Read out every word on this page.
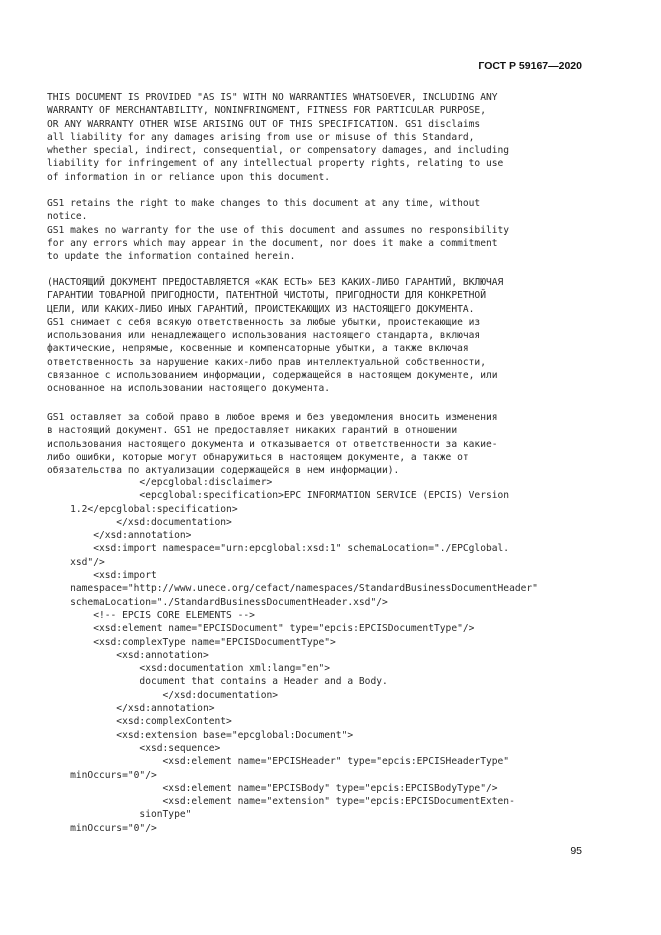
ГОСТ Р 59167—2020
THIS DOCUMENT IS PROVIDED "AS IS" WITH NO WARRANTIES WHATSOEVER, INCLUDING ANY
WARRANTY OF MERCHANTABILITY, NONINFRINGMENT, FITNESS FOR PARTICULAR PURPOSE,
OR ANY WARRANTY OTHER WISE ARISING OUT OF THIS SPECIFICATION. GS1 disclaims
all liability for any damages arising from use or misuse of this Standard,
whether special, indirect, consequential, or compensatory damages, and including
liability for infringement of any intellectual property rights, relating to use
of information in or reliance upon this document.
GS1 retains the right to make changes to this document at any time, without
notice.
GS1 makes no warranty for the use of this document and assumes no responsibility
for any errors which may appear in the document, nor does it make a commitment
to update the information contained herein.
(НАСТОЯЩИЙ ДОКУМЕНТ ПРЕДОСТАВЛЯЕТСЯ «КАК ЕСТЬ» БЕЗ КАКИХ-ЛИБО ГАРАНТИЙ, ВКЛЮЧАЯ
ГАРАНТИИ ТОВАРНОЙ ПРИГОДНОСТИ, ПАТЕНТНОЙ ЧИСТОТЫ, ПРИГОДНОСТИ ДЛЯ КОНКРЕТНОЙ
ЦЕЛИ, ИЛИ КАКИХ-ЛИБО ИНЫХ ГАРАНТИЙ, ПРОИСТЕКАЮЩИХ ИЗ НАСТОЯЩЕГО ДОКУМЕНТА.
GS1 снимает с себя всякую ответственность за любые убытки, проистекающие из
использования или ненадлежащего использования настоящего стандарта, включая
фактические, непрямые, косвенные и компенсаторные убытки, а также включая
ответственность за нарушение каких-либо прав интеллектуальной собственности,
связанное с использованием информации, содержащейся в настоящем документе, или
основанное на использовании настоящего документа.
GS1 оставляет за собой право в любое время и без уведомления вносить изменения
в настоящий документ. GS1 не предоставляет никаких гарантий в отношении
использования настоящего документа и отказывается от ответственности за какие-
либо ошибки, которые могут обнаружиться в настоящем документе, а также от
обязательства по актуализации содержащейся в нем информации).
</epcglobal:disclaimer>
<epcglobal:specification>EPC INFORMATION SERVICE (EPCIS) Version
1.2</epcglobal:specification>
</xsd:documentation>
</xsd:annotation>
<xsd:import namespace="urn:epcglobal:xsd:1" schemaLocation="./EPCglobal.
xsd"/>
<xsd:import
namespace="http://www.unece.org/cefact/namespaces/StandardBusinessDocumentHeader"
schemaLocation="./StandardBusinessDocumentHeader.xsd"/>
<!-- EPCIS CORE ELEMENTS -->
<xsd:element name="EPCISDocument" type="epcis:EPCISDocumentType"/>
<xsd:complexType name="EPCISDocumentType">
<xsd:annotation>
<xsd:documentation xml:lang="en">
document that contains a Header and a Body.
</xsd:documentation>
</xsd:annotation>
<xsd:complexContent>
<xsd:extension base="epcglobal:Document">
<xsd:sequence>
<xsd:element name="EPCISHeader" type="epcis:EPCISHeaderType"
minOccurs="0"/>
<xsd:element name="EPCISBody" type="epcis:EPCISBodyType"/>
<xsd:element name="extension" type="epcis:EPCISDocumentExten-
sionType"
minOccurs="0"/>
95
